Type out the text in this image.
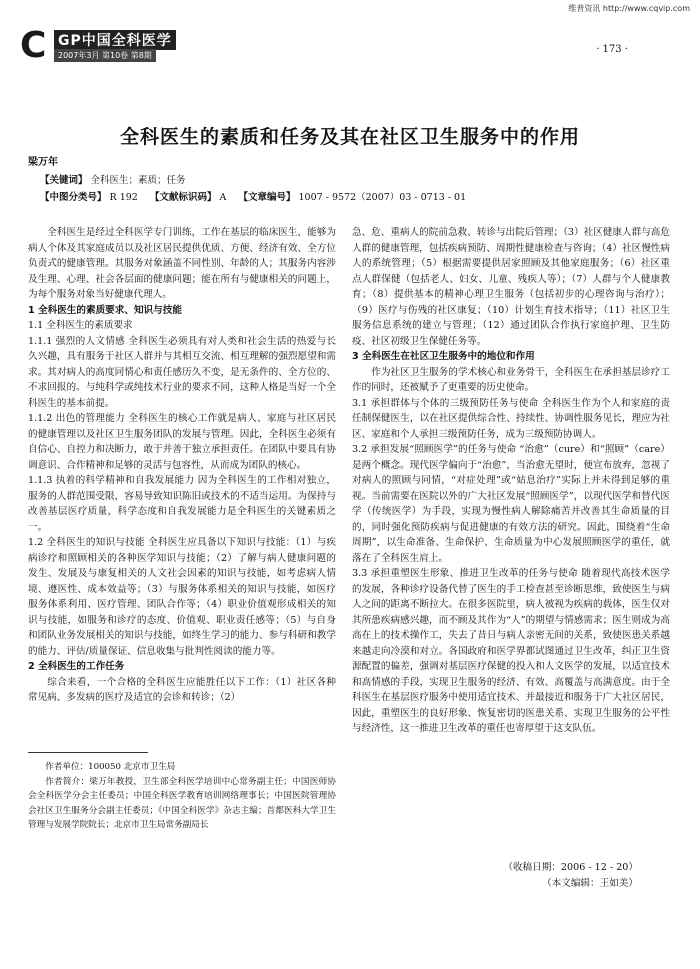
维普资讯 http://www.cqvip.com
C GP中国全科医学
2007年3月 第10卷 第8期
· 173 ·
全科医生的素质和任务及其在社区卫生服务中的作用
梁万年
【关键词】 全科医生；素质；任务
【中图分类号】 R 192 【文献标识码】 A 【文章编号】 1007 - 9572（2007）03 - 0713 - 01

全科医生是经过全科医学专门训练，工作在基层的临床医生，能够为病人个体及其家庭成员以及社区居民提供优质、方便、经济有效、全方位负责式的健康管理。其服务对象涵盖不同性别、年龄的人；其服务内容涉及生理、心理、社会各层面的健康问题；能在所有与健康相关的问题上，为每个服务对象当好健康代理人。

1 全科医生的素质要求、知识与技能

1.1 全科医生的素质要求

1.1.1 强烈的人文情感 全科医生必须具有对人类和社会生活的热爱与长久兴趣，具有服务于社区人群并与其相互交流、相互理解的强烈愿望和需求。其对病人的高度同情心和责任感历久不变，是无条件的、全方位的、不求回报的。与纯科学或纯技术行业的要求不同，这种人格是当好一个全科医生的基本前提。

1.1.2 出色的管理能力 全科医生的核心工作就是病人、家庭与社区居民的健康管理以及社区卫生服务团队的发展与管理。因此，全科医生必须有自信心、自控力和决断力，敢于并善于独立承担责任。在团队中要具有协调意识、合作精神和足够的灵活与包容性，从而成为团队的核心。

1.1.3 执着的科学精神和自我发展能力 因为全科医生的工作相对独立，服务的人群范围受限，容易导致知识陈旧或技术的不适当运用。为保持与改善基层医疗质量，科学态度和自我发展能力是全科医生的关键素质之一。

1.2 全科医生的知识与技能 全科医生应具备以下知识与技能：（1）与疾病诊疗和照顾相关的各种医学知识与技能；（2）了解与病人健康问题的发生、发展及与康复相关的人文社会因素的知识与技能，如考虑病人情境、遵医性、成本效益等；（3）与服务体系相关的知识与技能，如医疗服务体系利用、医疗管理、团队合作等；（4）职业价值观形成相关的知识与技能，如服务和诊疗的态度、价值观、职业责任感等；（5）与自身和团队业务发展相关的知识与技能，如终生学习的能力、参与科研和教学的能力、评估/质量保证、信息收集与批判性阅读的能力等。

2 全科医生的工作任务

综合来看，一个合格的全科医生应能胜任以下工作：（1）社区各种常见病、多发病的医疗及适宜的会诊和转诊；（2）

作者单位：100050 北京市卫生局

作者简介：梁万年教授，卫生部全科医学培训中心常务副主任；中国医师协会全科医学分会主任委员；中国全科医学教育培训网络理事长；中国医院管理协会社区卫生服务分会副主任委员；《中国全科医学》杂志主编；首都医科大学卫生管理与发展学院院长；北京市卫生局常务副局长

急、危、重病人的院前急救、转诊与出院后管理；（3）社区健康人群与高危人群的健康管理，包括疾病预防、周期性健康检查与咨询；（4）社区慢性病人的系统管理；（5）根据需要提供居家照顾及其他家庭服务；（6）社区重点人群保健（包括老人、妇女、儿童、残疾人等）；（7）人群与个人健康教育；（8）提供基本的精神心理卫生服务（包括初步的心理咨询与治疗）；（9）医疗与伤残的社区康复；（10）计划生育技术指导；（11）社区卫生服务信息系统的建立与管理；（12）通过团队合作执行家庭护理、卫生防疫、社区初级卫生保健任务等。

3 全科医生在社区卫生服务中的地位和作用

作为社区卫生服务的学术核心和业务骨干，全科医生在承担基层诊疗工作的同时，还被赋予了更重要的历史使命。

3.1 承担群体与个体的三级预防任务与使命 全科医生作为个人和家庭的责任制保健医生，以在社区提供综合性、持续性、协调性服务见长，理应为社区、家庭和个人承担三级预防任务，成为三级预防协调人。

3.2 承担发展“照顾医学”的任务与使命 “治愈”（cure）和“照顾”（care）是两个概念。现代医学偏向于“治愈”，当治愈无望时，便宣布放弃，忽视了对病人的照顾与同情，“对症处理”或“姑息治疗”实际上并未得到足够的重视。当前需要在医院以外的广大社区发展“照顾医学”，以现代医学和替代医学（传统医学）为手段，实现为慢性病人解除痛苦并改善其生命质量的目的，同时强化预防疾病与促进健康的有效方法的研究。因此，围绕着“生命周期”，以生命准备、生命保护、生命质量为中心发展照顾医学的重任，就落在了全科医生肩上。

3.3 承担重塑医生形象、推进卫生改革的任务与使命 随着现代高技术医学的发展，各种诊疗设备代替了医生的手工检查甚至诊断思维，致使医生与病人之间的距离不断拉大。在很多医院里，病人被视为疾病的载体，医生仅对其所患疾病感兴趣，而不顾及其作为“人”的期望与情感需求；医生则成为高高在上的技术操作工，失去了昔日与病人亲密无间的关系，致使医患关系越来越走向冷漠和对立。各国政府和医学界都试图通过卫生改革，纠正卫生资源配置的偏差，强调对基层医疗保健的投入和人文医学的发展，以适宜技术和高情感的手段，实现卫生服务的经济、有效、高覆盖与高满意度。由于全科医生在基层医疗服务中使用适宜技术、并最接近和服务于广大社区居民，因此，重塑医生的良好形象、恢复密切的医患关系、实现卫生服务的公平性与经济性，这一推进卫生改革的重任也寄厚望于这支队伍。

（收稿日期：2006 - 12 - 20）
（本文编辑：王如美）
